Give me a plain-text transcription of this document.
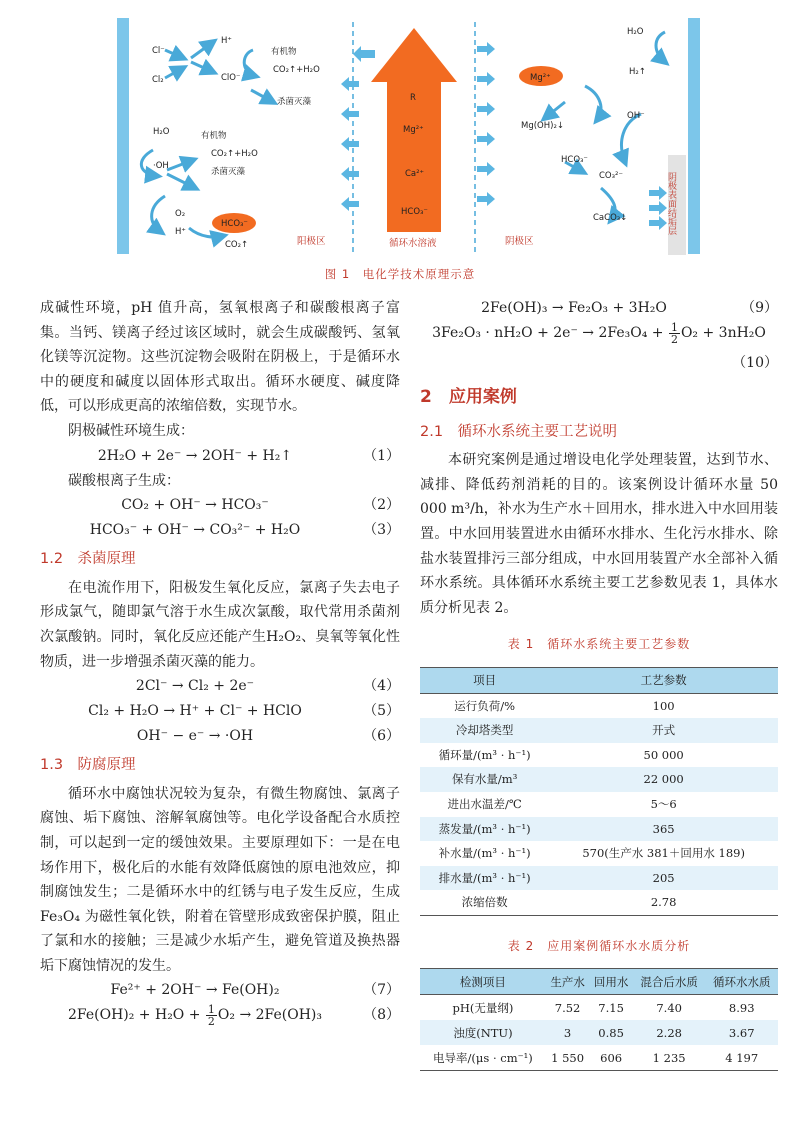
Cl⁻
Cl₂
H⁺
ClO⁻
有机物
CO₂↑+H₂O
杀菌灭藻
H₂O
·OH
有机物
CO₂↑+H₂O
杀菌灭藻
O₂
H⁺
HCO₃⁻
CO₂↑	阳极区
R
Mg²⁺
Ca²⁺
HCO₃⁻
循环水溶液	阴极区
H₂O
H₂↑
Mg²⁺
OH⁻
Mg(OH)₂↓
HCO₃⁻
CO₃²⁻
CaCO₃↓	阴极表面结垢层
图 1　电化学技术原理示意

成碱性环境，pH 值升高，氢氧根离子和碳酸根离子富集。当钙、镁离子经过该区域时，就会生成碳酸钙、氢氧化镁等沉淀物。这些沉淀物会吸附在阴极上，于是循环水中的硬度和碱度以固体形式取出。循环水硬度、碱度降低，可以形成更高的浓缩倍数，实现节水。

阴极碱性环境生成：

2H₂O + 2e⁻ → 2OH⁻ + H₂↑	（1）

碳酸根离子生成：

CO₂ + OH⁻ → HCO₃⁻	（2）
HCO₃⁻ + OH⁻ → CO₃²⁻ + H₂O	（3）
1.2　杀菌原理

在电流作用下，阳极发生氧化反应，氯离子失去电子形成氯气，随即氯气溶于水生成次氯酸，取代常用杀菌剂次氯酸钠。同时，氧化反应还能产生H₂O₂、臭氧等氧化性物质，进一步增强杀菌灭藻的能力。

2Cl⁻ → Cl₂ + 2e⁻	（4）
Cl₂ + H₂O → H⁺ + Cl⁻ + HClO	（5）
OH⁻ − e⁻ → ·OH	（6）
1.3　防腐原理

循环水中腐蚀状况较为复杂，有微生物腐蚀、氯离子腐蚀、垢下腐蚀、溶解氧腐蚀等。电化学设备配合水质控制，可以起到一定的缓蚀效果。主要原理如下：一是在电场作用下，极化后的水能有效降低腐蚀的原电池效应，抑制腐蚀发生；二是循环水中的红锈与电子发生反应，生成 Fe₃O₄ 为磁性氧化铁，附着在管壁形成致密保护膜，阻止了氯和水的接触；三是减少水垢产生，避免管道及换热器垢下腐蚀情况的发生。

Fe²⁺ + 2OH⁻ → Fe(OH)₂	（7）
$2Fe(OH)_2 + H_2O + \frac{1}{2} O_2 \to 2Fe(OH)_3$	（8）
2Fe(OH)₃ → Fe₂O₃ + 3H₂O	（9）
$3Fe_2O_3 \cdot nH_2O + 2e^- \to 2Fe_3O_4 + \frac{1}{2} O_2 + 3nH_2O$
（10）
2　应用案例
2.1　循环水系统主要工艺说明

本研究案例是通过增设电化学处理装置，达到节水、减排、降低药剂消耗的目的。该案例设计循环水量 50 000 m³/h，补水为生产水＋回用水，排水进入中水回用装置。中水回用装置进水由循环水排水、生化污水排水、除盐水装置排污三部分组成，中水回用装置产水全部补入循环水系统。具体循环水系统主要工艺参数见表 1，具体水质分析见表 2。

表 1　循环水系统主要工艺参数
项目	工艺参数
运行负荷/%	100
冷却塔类型	开式
循环量/(m³ · h⁻¹)	50 000
保有水量/m³	22 000
进出水温差/℃	5～6
蒸发量/(m³ · h⁻¹)	365
补水量/(m³ · h⁻¹)	570(生产水 381＋回用水 189)
排水量/(m³ · h⁻¹)	205
浓缩倍数	2.78
表 2　应用案例循环水水质分析
检测项目	生产水	回用水	混合后水质	循环水水质
pH(无量纲)	7.52	7.15	7.40	8.93
浊度(NTU)	3	0.85	2.28	3.67
电导率/(μs · cm⁻¹)	1 550	606	1 235	4 197
